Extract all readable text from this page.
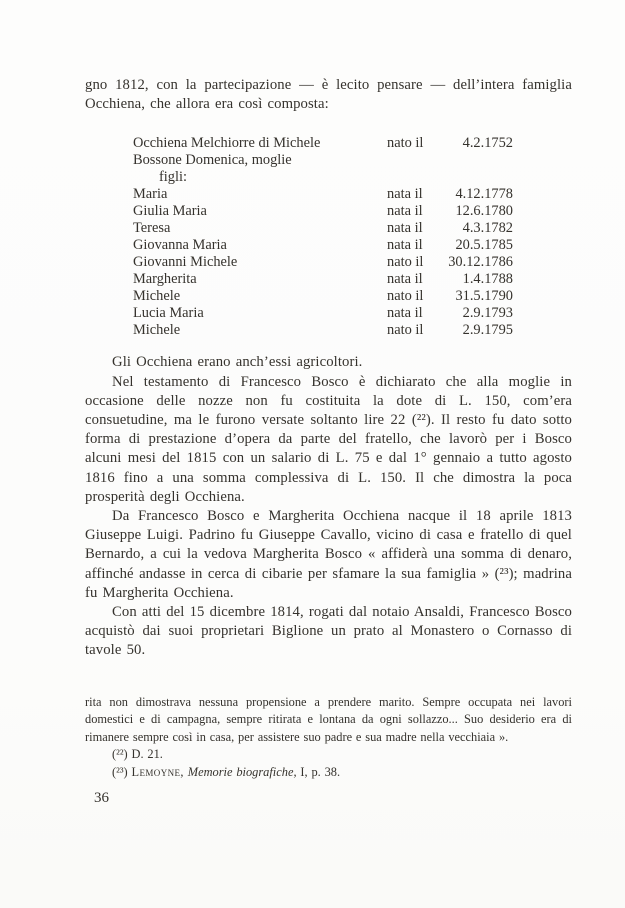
gno 1812, con la partecipazione — è lecito pensare — dell’intera famiglia Occhiena, che allora era così composta:

Occhiena Melchiorre di Michele	nato il	4.2.1752
Bossone Domenica, moglie
figli:
Maria	nata il	4.12.1778
Giulia Maria	nata il	12.6.1780
Teresa	nata il	4.3.1782
Giovanna Maria	nata il	20.5.1785
Giovanni Michele	nato il	30.12.1786
Margherita	nata il	1.4.1788
Michele	nato il	31.5.1790
Lucia Maria	nata il	2.9.1793
Michele	nato il	2.9.1795

Gli Occhiena erano anch’essi agricoltori.

Nel testamento di Francesco Bosco è dichiarato che alla moglie in occasione delle nozze non fu costituita la dote di L. 150, com’era consuetudine, ma le furono versate soltanto lire 22 (²²). Il resto fu dato sotto forma di prestazione d’opera da parte del fratello, che lavorò per i Bosco alcuni mesi del 1815 con un salario di L. 75 e dal 1° gennaio a tutto agosto 1816 fino a una somma complessiva di L. 150. Il che dimostra la poca prosperità degli Occhiena.

Da Francesco Bosco e Margherita Occhiena nacque il 18 aprile 1813 Giuseppe Luigi. Padrino fu Giuseppe Cavallo, vicino di casa e fratello di quel Bernardo, a cui la vedova Margherita Bosco « affiderà una somma di denaro, affinché andasse in cerca di cibarie per sfamare la sua famiglia » (²³); madrina fu Margherita Occhiena.

Con atti del 15 dicembre 1814, rogati dal notaio Ansaldi, Francesco Bosco acquistò dai suoi proprietari Biglione un prato al Monastero o Cornasso di tavole 50.

rita non dimostrava nessuna propensione a prendere marito. Sempre occupata nei lavori domestici e di campagna, sempre ritirata e lontana da ogni sollazzo... Suo desiderio era di rimanere sempre così in casa, per assistere suo padre e sua madre nella vecchiaia ».

(²²) D. 21.

(²³) Lemoyne, Memorie biografiche, I, p. 38.

36
